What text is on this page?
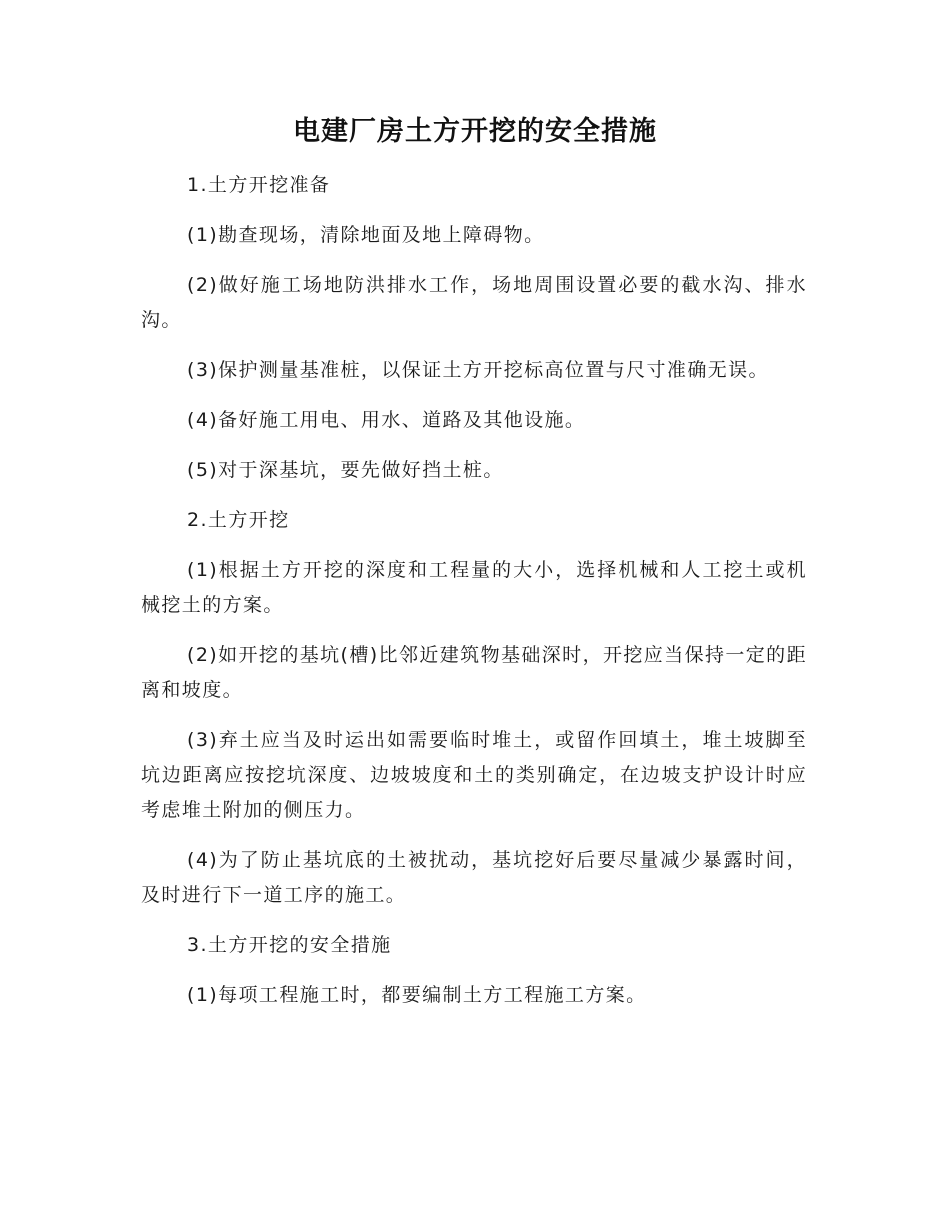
电建厂房土方开挖的安全措施

1.土方开挖准备

(1)勘查现场，清除地面及地上障碍物。

(2)做好施工场地防洪排水工作，场地周围设置必要的截水沟、排水沟。

(3)保护测量基准桩，以保证土方开挖标高位置与尺寸准确无误。

(4)备好施工用电、用水、道路及其他设施。

(5)对于深基坑，要先做好挡土桩。

2.土方开挖

(1)根据土方开挖的深度和工程量的大小，选择机械和人工挖土或机械挖土的方案。

(2)如开挖的基坑(槽)比邻近建筑物基础深时，开挖应当保持一定的距离和坡度。

(3)弃土应当及时运出如需要临时堆土，或留作回填土，堆土坡脚至坑边距离应按挖坑深度、边坡坡度和土的类别确定，在边坡支护设计时应考虑堆土附加的侧压力。

(4)为了防止基坑底的土被扰动，基坑挖好后要尽量减少暴露时间，及时进行下一道工序的施工。

3.土方开挖的安全措施

(1)每项工程施工时，都要编制土方工程施工方案。
